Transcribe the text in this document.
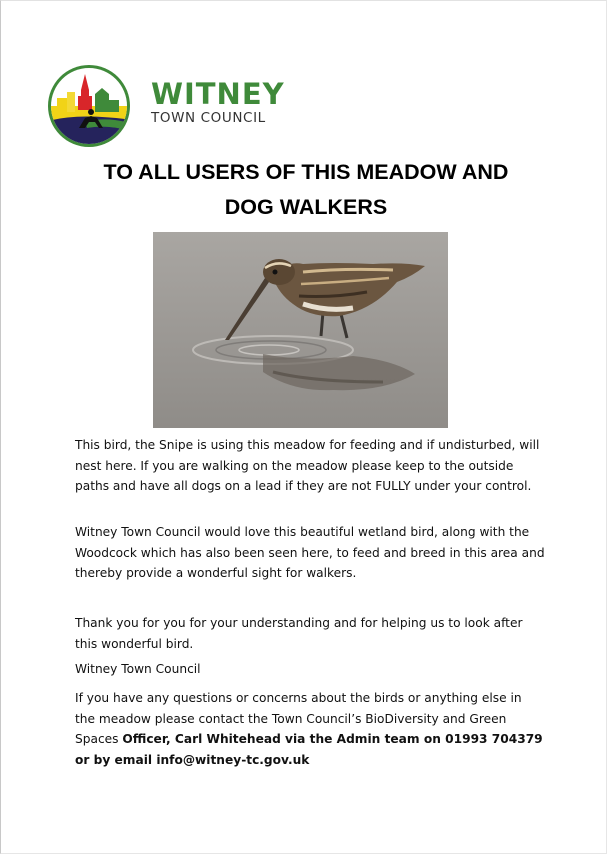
WITNEY
TOWN COUNCIL
TO ALL USERS OF THIS MEADOW AND
DOG WALKERS
This bird, the Snipe is using this meadow for feeding and if undisturbed, will nest here. If you are walking on the meadow please keep to the outside paths and have all dogs on a lead if they are not FULLY under your control.
Witney Town Council would love this beautiful wetland bird, along with the Woodcock which has also been seen here, to feed and breed in this area and thereby provide a wonderful sight for walkers.
Thank you for you for your understanding and for helping us to look after this wonderful bird.
Witney Town Council
If you have any questions or concerns about the birds or anything else in the meadow please contact the Town Council’s BioDiversity and Green Spaces Officer, Carl Whitehead via the Admin team on 01993 704379 or by email info@witney-tc.gov.uk
